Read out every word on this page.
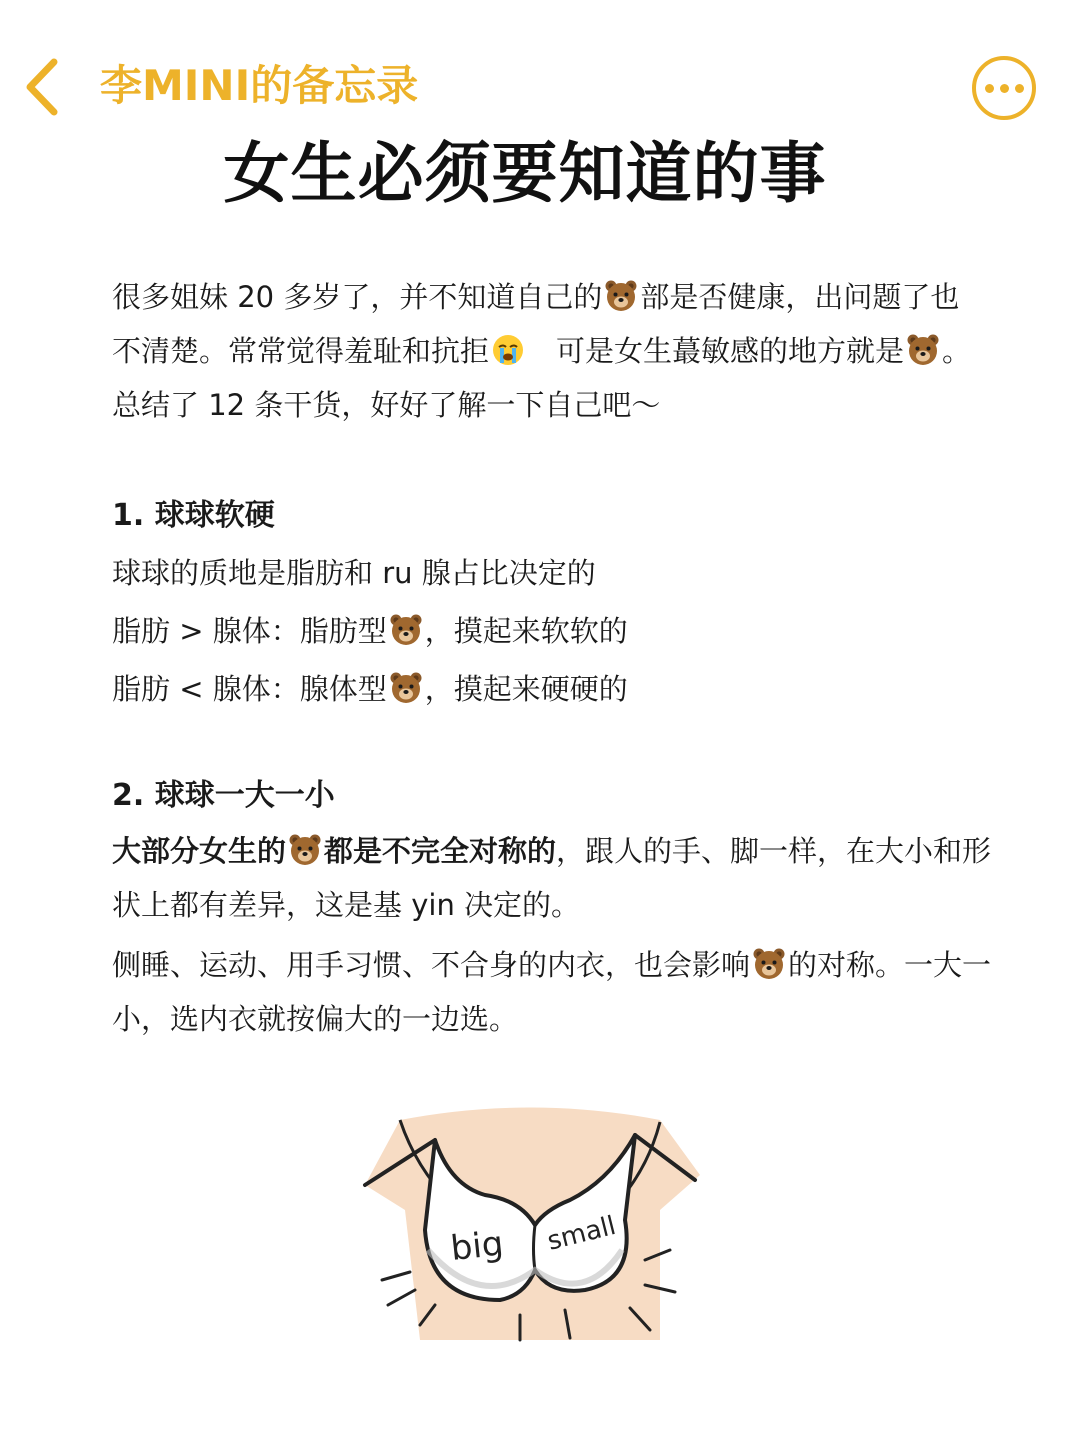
李MINI的备忘录
女生必须要知道的事

很多姐妹 20 多岁了，并不知道自己的 部是否健康，出问题了也不清楚。常常觉得羞耻和抗拒　可是女生蕞敏感的地方就是 。总结了 12 条干货，好好了解一下自己吧～

1. 球球软硬

球球的质地是脂肪和 ru 腺占比决定的

脂肪 > 腺体：脂肪型 ，摸起来软软的

脂肪 < 腺体：腺体型 ，摸起来硬硬的

2. 球球一大一小

大部分女生的 都是不完全对称的，跟人的手、脚一样，在大小和形状上都有差异，这是基 yin 决定的。

侧睡、运动、用手习惯、不合身的内衣，也会影响 的对称。一大一小，选内衣就按偏大的一边选。

big small
